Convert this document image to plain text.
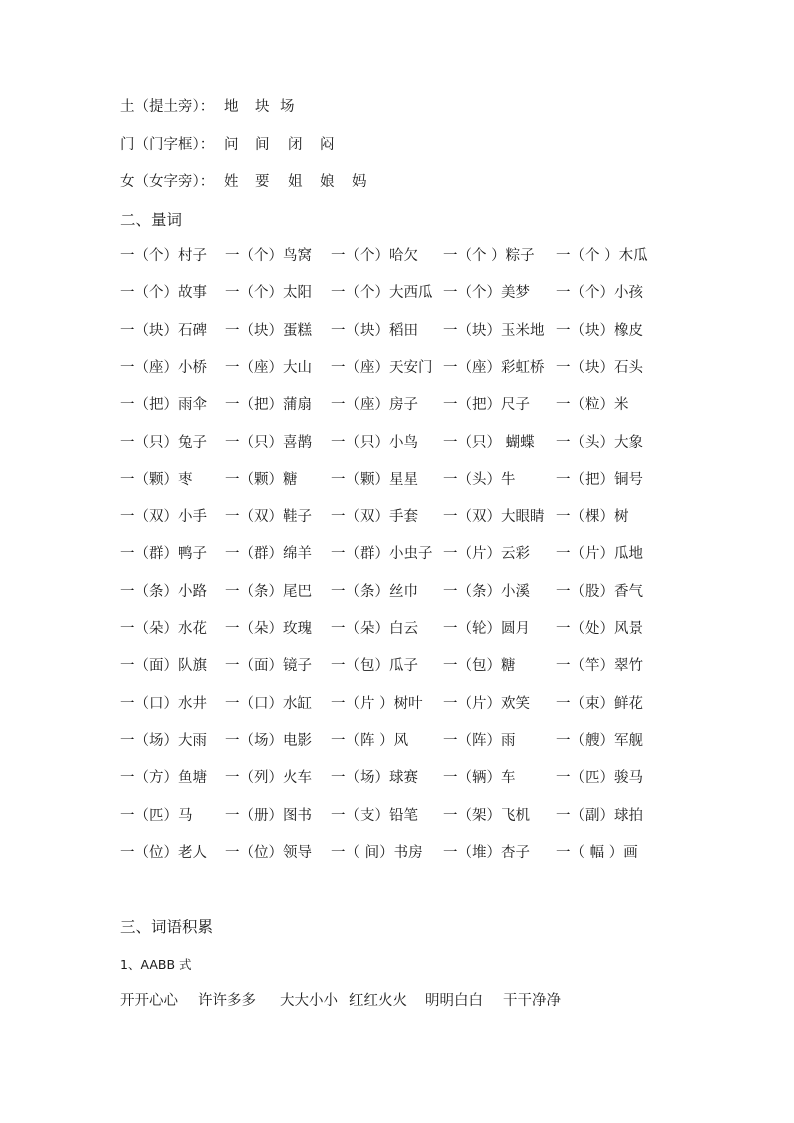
土（提土旁）： 地 块 场
门（门字框）： 问 间 闭 闷
女（女字旁）： 姓 要 姐 娘 妈
二、量词
一（个）村子 一（个）鸟窝 一（个）哈欠 一（个 ）粽子 一（个 ）木瓜
一（个）故事 一（个）太阳 一（个）大西瓜 一（个）美梦 一（个）小孩
一（块）石碑 一（块）蛋糕 一（块）稻田 一（块）玉米地 一（块）橡皮
一（座）小桥 一（座）大山 一（座）天安门 一（座）彩虹桥 一（块）石头
一（把）雨伞 一（把）蒲扇 一（座）房子 一（把）尺子 一（粒）米
一（只）兔子 一（只）喜鹊 一（只）小鸟 一（只） 蝴蝶 一（头）大象
一（颗）枣 一（颗）糖 一（颗）星星 一（头）牛	一（把）铜号
一（双）小手 一（双）鞋子 一（双）手套 一（双）大眼睛 一（棵）树
一（群）鸭子 一（群）绵羊 一（群）小虫子 一（片）云彩 一（片）瓜地
一（条）小路 一（条）尾巴 一（条）丝巾 一（条）小溪 一（股）香气
一（朵）水花 一（朵）玫瑰 一（朵）白云 一（轮）圆月 一（处）风景
一（面）队旗 一（面）镜子 一（包）瓜子 一（包）糖	一（竿）翠竹
一（口）水井 一（口）水缸 一（片 ）树叶 一（片）欢笑 一（束）鲜花
一（场）大雨 一（场）电影 一（阵 ）风 一（阵）雨	一（艘）军舰
一（方）鱼塘 一（列）火车 一（场）球赛 一（辆）车	一（匹）骏马
一（匹）马 一（册）图书 一（支）铅笔 一（架）飞机 一（副）球拍
一（位）老人 一（位）领导 一（ 间）书房 一（堆）杏子 一（ 幅 ）画
三、词语积累
1、AABB 式
开开心心 许许多多 大大小小 红红火火 明明白白 干干净净
